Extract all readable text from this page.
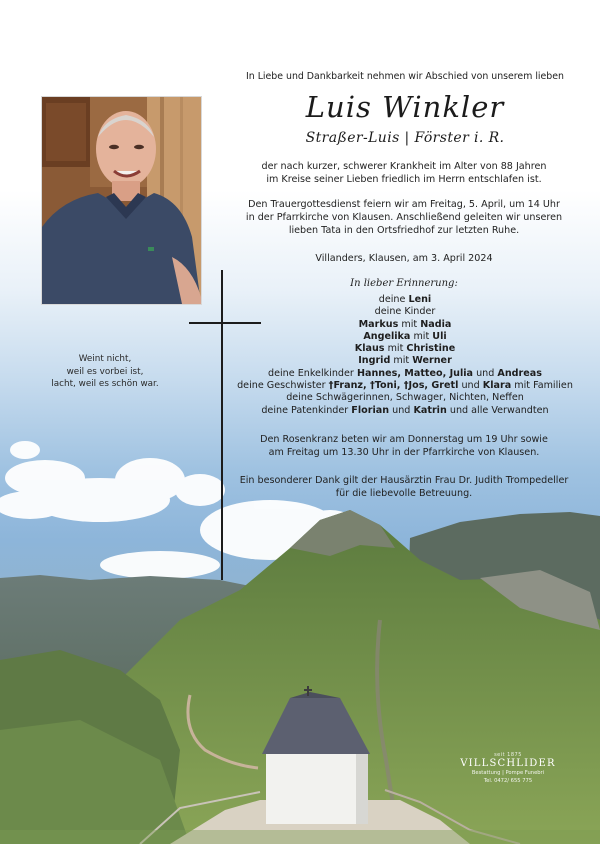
In Liebe und Dankbarkeit nehmen wir Abschied von unserem lieben
Luis Winkler
Straßer-Luis | Förster i. R.
der nach kurzer, schwerer Krankheit im Alter von 88 Jahren
im Kreise seiner Lieben friedlich im Herrn entschlafen ist.
Den Trauergottesdienst feiern wir am Freitag, 5. April, um 14 Uhr
in der Pfarrkirche von Klausen. Anschließend geleiten wir unseren
lieben Tata in den Ortsfriedhof zur letzten Ruhe.
Villanders, Klausen, am 3. April 2024
In lieber Erinnerung:
deine Leni
deine Kinder
Markus mit Nadia
Angelika mit Uli
Klaus mit Christine
Ingrid mit Werner
deine Enkelkinder Hannes, Matteo, Julia und Andreas
deine Geschwister †Franz, †Toni, †Jos, Gretl und Klara mit Familien
deine Schwägerinnen, Schwager, Nichten, Neffen
deine Patenkinder Florian und Katrin und alle Verwandten
Den Rosenkranz beten wir am Donnerstag um 19 Uhr sowie
am Freitag um 13.30 Uhr in der Pfarrkirche von Klausen.
Ein besonderer Dank gilt der Hausärztin Frau Dr. Judith Trompedeller
für die liebevolle Betreuung.
Weint nicht,
weil es vorbei ist,
lacht, weil es schön war.
seit 1875
VILLSCHLIDER
Bestattung | Pompe Funebri
Tel. 0472/ 655 775
